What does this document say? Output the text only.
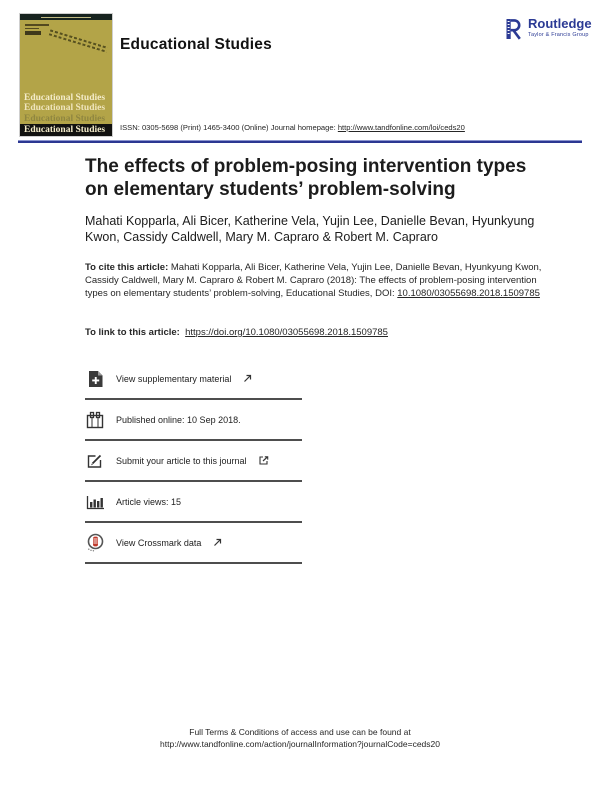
Educational Studies
Educational Studies
Educational Studies
Educational Studies
Educational Studies
Routledge
Taylor & Francis Group
ISSN: 0305-5698 (Print) 1465-3400 (Online) Journal homepage: http://www.tandfonline.com/loi/ceds20
The effects of problem-posing intervention types on elementary students’ problem-solving
Mahati Kopparla, Ali Bicer, Katherine Vela, Yujin Lee, Danielle Bevan, Hyunkyung Kwon, Cassidy Caldwell, Mary M. Capraro & Robert M. Capraro
To cite this article: Mahati Kopparla, Ali Bicer, Katherine Vela, Yujin Lee, Danielle Bevan, Hyunkyung Kwon, Cassidy Caldwell, Mary M. Capraro & Robert M. Capraro (2018): The effects of problem-posing intervention types on elementary students’ problem-solving, Educational Studies, DOI: 10.1080/03055698.2018.1509785
To link to this article: https://doi.org/10.1080/03055698.2018.1509785
View supplementary material
Published online: 10 Sep 2018.
Submit your article to this journal
Article views: 15
View Crossmark data
Full Terms & Conditions of access and use can be found at
http://www.tandfonline.com/action/journalInformation?journalCode=ceds20
